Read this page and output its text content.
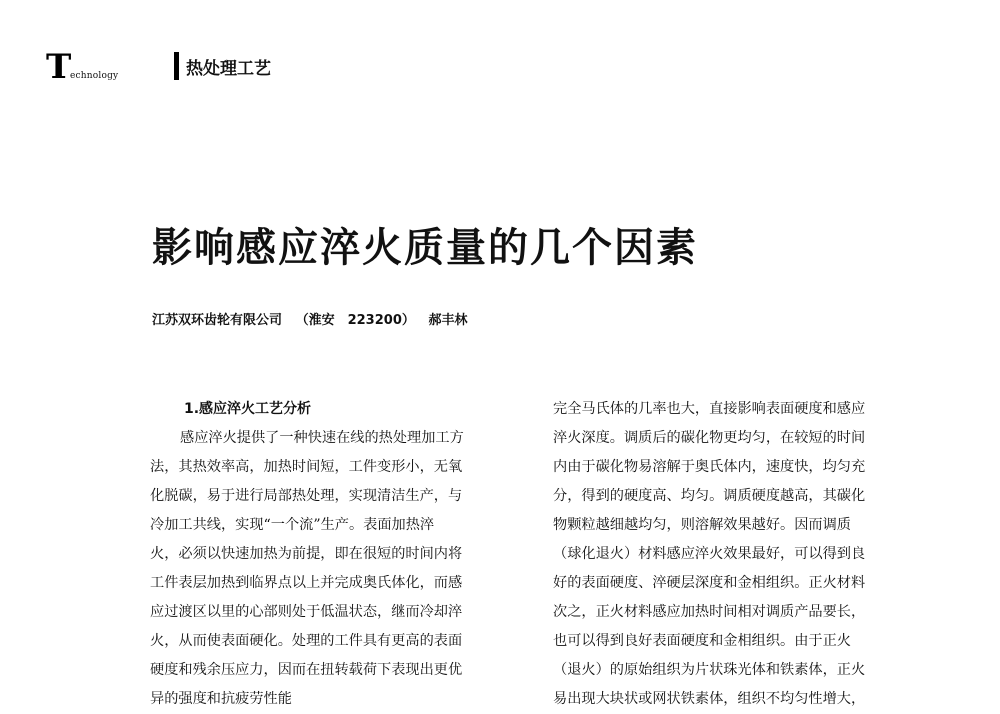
T
echnology	热处理工艺
影响感应淬火质量的几个因素
江苏双环齿轮有限公司 （淮安　223200） 郝丰林
1.感应淬火工艺分析
感应淬火提供了一种快速在线的热处理加工方
法，其热效率高，加热时间短，工件变形小，无氧
化脱碳，易于进行局部热处理，实现清洁生产，与
冷加工共线，实现“一个流”生产。表面加热淬
火，必须以快速加热为前提，即在很短的时间内将
工件表层加热到临界点以上并完成奥氏体化，而感
应过渡区以里的心部则处于低温状态，继而冷却淬
火，从而使表面硬化。处理的工件具有更高的表面
硬度和残余压应力，因而在扭转载荷下表现出更优
异的强度和抗疲劳性能
完全马氏体的几率也大，直接影响表面硬度和感应
淬火深度。调质后的碳化物更均匀，在较短的时间
内由于碳化物易溶解于奥氏体内，速度快，均匀充
分，得到的硬度高、均匀。调质硬度越高，其碳化
物颗粒越细越均匀，则溶解效果越好。因而调质
（球化退火）材料感应淬火效果最好，可以得到良
好的表面硬度、淬硬层深度和金相组织。正火材料
次之，正火材料感应加热时间相对调质产品要长，
也可以得到良好表面硬度和金相组织。由于正火
（退火）的原始组织为片状珠光体和铁素体，正火
易出现大块状或网状铁素体，组织不均匀性增大，
